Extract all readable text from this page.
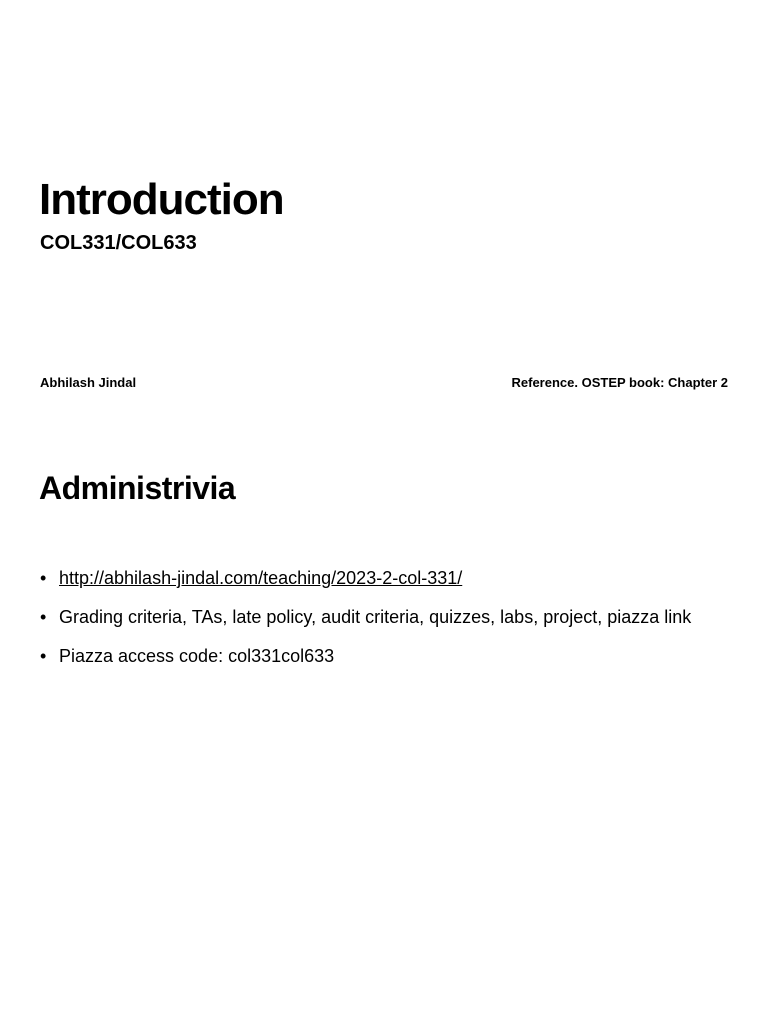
Introduction
COL331/COL633
Abhilash Jindal	Reference. OSTEP book: Chapter 2
Administrivia
• http://abhilash-jindal.com/teaching/2023-2-col-331/
• Grading criteria, TAs, late policy, audit criteria, quizzes, labs, project, piazza link
• Piazza access code: col331col633
